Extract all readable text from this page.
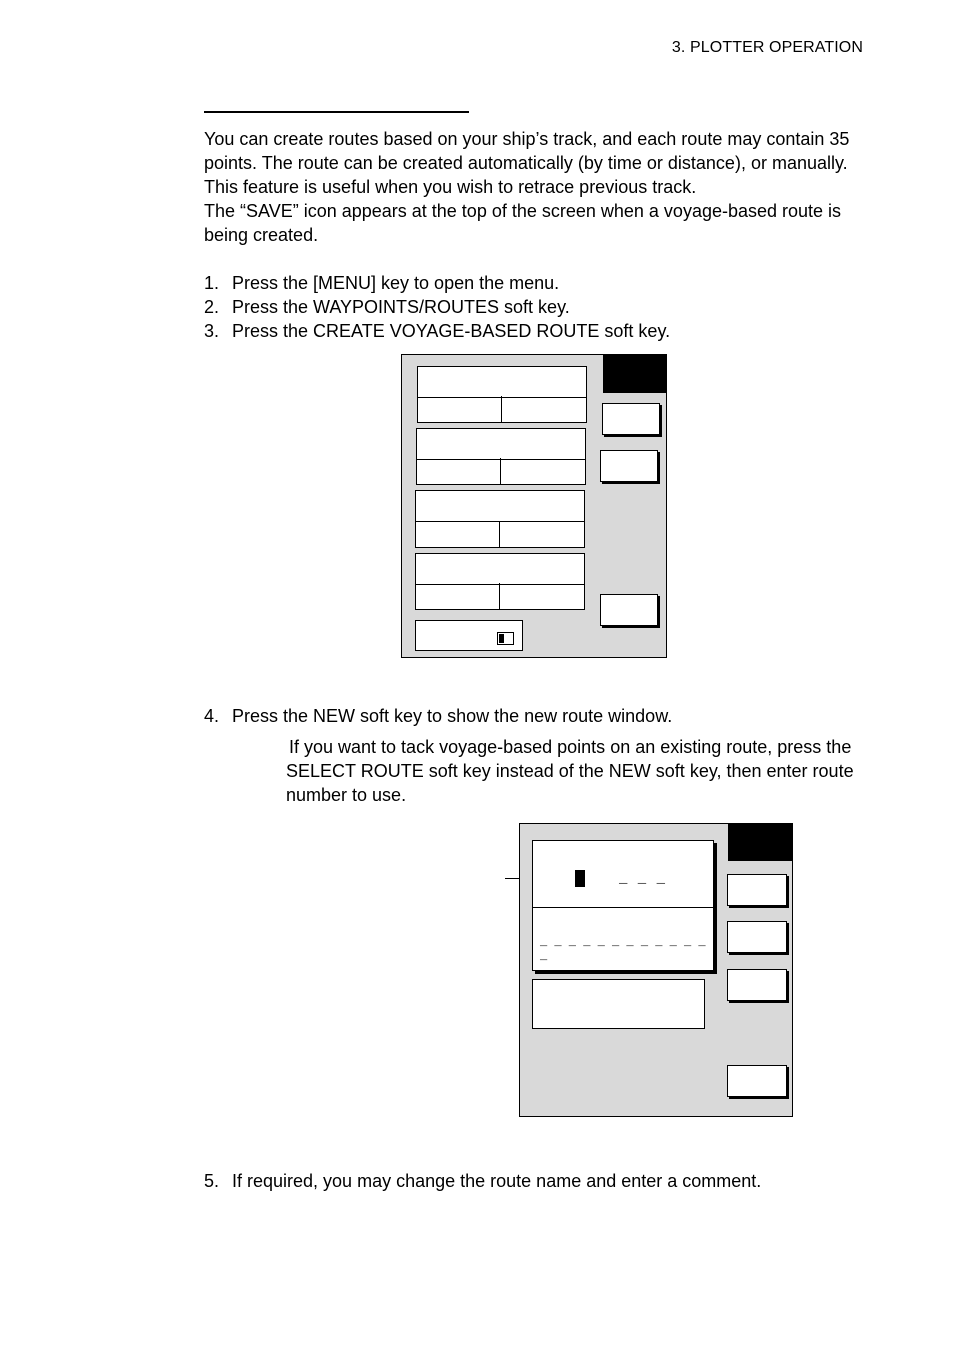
3. PLOTTER OPERATION

You can create routes based on your ship’s track, and each route may contain 35 points. The route can be created automatically (by time or distance), or manually. This feature is useful when you wish to retrace previous track.

The “SAVE” icon appears at the top of the screen when a voyage-based route is being created.

1. Press the [MENU] key to open the menu.
2. Press the WAYPOINTS/ROUTES soft key.
3. Press the CREATE VOYAGE-BASED ROUTE soft key.
4. Press the NEW soft key to show the new route window.
If you want to tack voyage-based points on an existing route, press the SELECT ROUTE soft key instead of the NEW soft key, then enter route number to use.
_ _ _
_ _ _ _ _ _ _ _ _ _ _ _ _
5. If required, you may change the route name and enter a comment.
